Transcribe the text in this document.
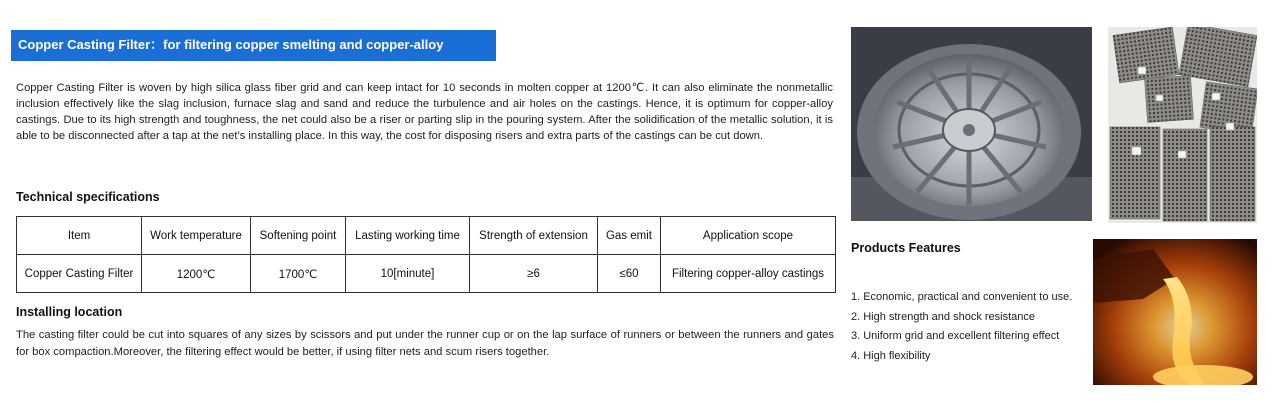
Copper Casting Filter：for filtering copper smelting and copper-alloy castings
Copper Casting Filter is woven by high silica glass fiber grid and can keep intact for 10 seconds in molten copper at 1200℃. It can also eliminate the nonmetallic inclusion effectively like the slag inclusion, furnace slag and sand and reduce the turbulence and air holes on the castings. Hence, it is optimum for copper-alloy castings. Due to its high strength and toughness, the net could also be a riser or parting slip in the pouring system. After the solidification of the metallic solution, it is able to be disconnected after a tap at the net’s installing place. In this way, the cost for disposing risers and extra parts of the castings can be cut down.
Technical specifications
Item	Work temperature	Softening point	Lasting working time	Strength of extension	Gas emit	Application scope
Copper Casting Filter	1200℃	1700℃	10[minute]	≥6	≤60	Filtering copper-alloy castings
Installing location
The casting filter could be cut into squares of any sizes by scissors and put under the runner cup or on the lap surface of runners or between the runners and gates for box compaction.Moreover, the filtering effect would be better, if using filter nets and scum risers together.
Products Features
1. Economic, practical and convenient to use.
2. High strength and shock resistance
3. Uniform grid and excellent filtering effect
4. High flexibility
